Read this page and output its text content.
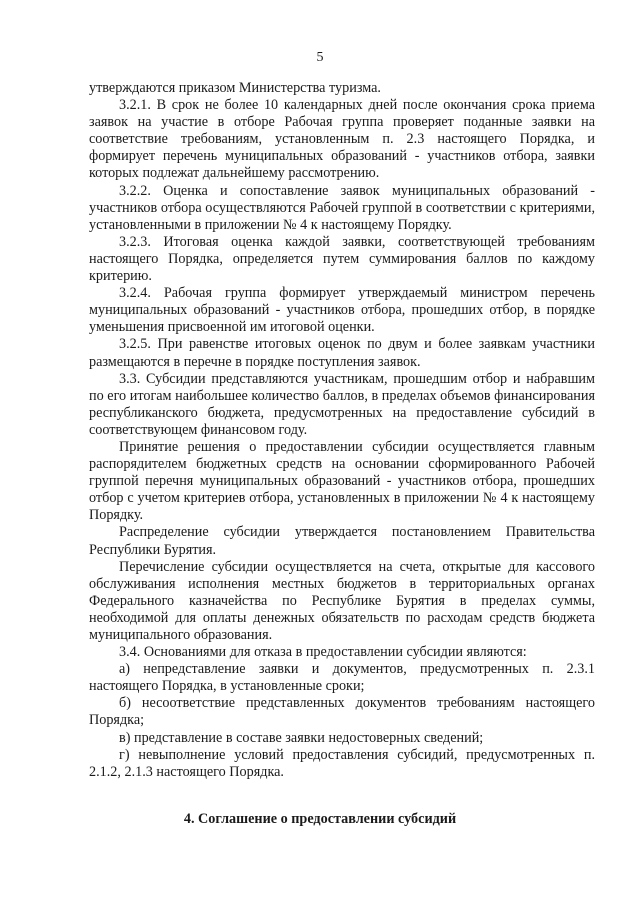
5

утверждаются приказом Министерства туризма.

3.2.1. В срок не более 10 календарных дней после окончания срока приема заявок на участие в отборе Рабочая группа проверяет поданные заявки на соответствие требованиям, установленным п. 2.3 настоящего Порядка, и формирует перечень муниципальных образований - участников отбора, заявки которых подлежат дальнейшему рассмотрению.

3.2.2. Оценка и сопоставление заявок муниципальных образований - участников отбора осуществляются Рабочей группой в соответствии с критериями, установленными в приложении № 4 к настоящему Порядку.

3.2.3. Итоговая оценка каждой заявки, соответствующей требованиям настоящего Порядка, определяется путем суммирования баллов по каждому критерию.

3.2.4. Рабочая группа формирует утверждаемый министром перечень муниципальных образований - участников отбора, прошедших отбор, в порядке уменьшения присвоенной им итоговой оценки.

3.2.5. При равенстве итоговых оценок по двум и более заявкам участники размещаются в перечне в порядке поступления заявок.

3.3. Субсидии представляются участникам, прошедшим отбор и набравшим по его итогам наибольшее количество баллов, в пределах объемов финансирования республиканского бюджета, предусмотренных на предоставление субсидий в соответствующем финансовом году.

Принятие решения о предоставлении субсидии осуществляется главным распорядителем бюджетных средств на основании сформированного Рабочей группой перечня муниципальных образований - участников отбора, прошедших отбор с учетом критериев отбора, установленных в приложении № 4 к настоящему Порядку.

Распределение субсидии утверждается постановлением Правительства Республики Бурятия.

Перечисление субсидии осуществляется на счета, открытые для кассового обслуживания исполнения местных бюджетов в территориальных органах Федерального казначейства по Республике Бурятия в пределах суммы, необходимой для оплаты денежных обязательств по расходам средств бюджета муниципального образования.

3.4. Основаниями для отказа в предоставлении субсидии являются:

а) непредставление заявки и документов, предусмотренных п. 2.3.1 настоящего Порядка, в установленные сроки;

б) несоответствие представленных документов требованиям настоящего Порядка;

в) представление в составе заявки недостоверных сведений;

г) невыполнение условий предоставления субсидий, предусмотренных п. 2.1.2, 2.1.3 настоящего Порядка.

4. Соглашение о предоставлении субсидий
